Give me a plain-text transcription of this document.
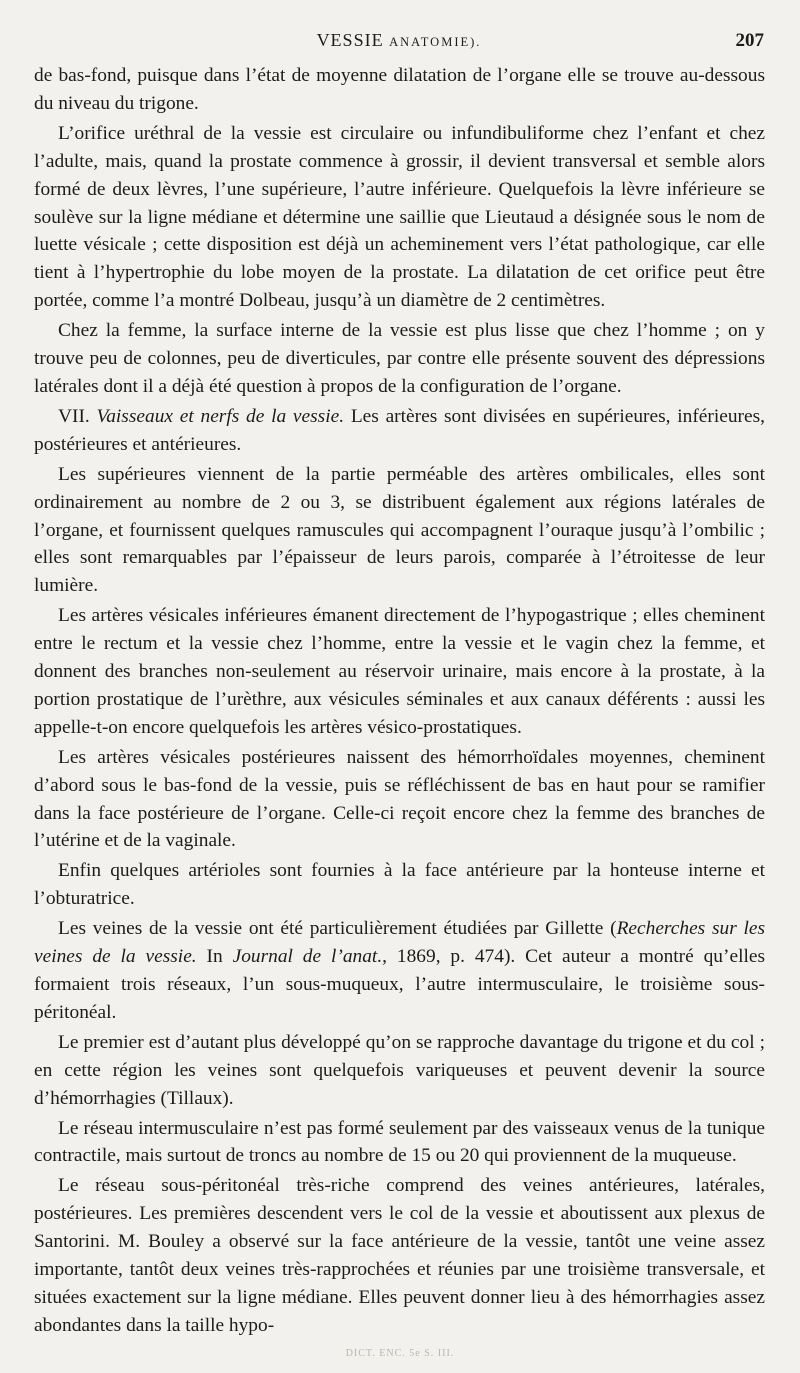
VESSIE ANATOMIE).	207

de bas-fond, puisque dans l’état de moyenne dilatation de l’organe elle se trouve au-dessous du niveau du trigone.

L’orifice uréthral de la vessie est circulaire ou infundibuliforme chez l’enfant et chez l’adulte, mais, quand la prostate commence à grossir, il devient transversal et semble alors formé de deux lèvres, l’une supérieure, l’autre inférieure. Quelquefois la lèvre inférieure se soulève sur la ligne médiane et détermine une saillie que Lieutaud a désignée sous le nom de luette vésicale ; cette disposition est déjà un acheminement vers l’état pathologique, car elle tient à l’hypertrophie du lobe moyen de la prostate. La dilatation de cet orifice peut être portée, comme l’a montré Dolbeau, jusqu’à un diamètre de 2 centimètres.

Chez la femme, la surface interne de la vessie est plus lisse que chez l’homme ; on y trouve peu de colonnes, peu de diverticules, par contre elle présente souvent des dépressions latérales dont il a déjà été question à propos de la configuration de l’organe.

VII. Vaisseaux et nerfs de la vessie. Les artères sont divisées en supérieures, inférieures, postérieures et antérieures.

Les supérieures viennent de la partie perméable des artères ombilicales, elles sont ordinairement au nombre de 2 ou 3, se distribuent également aux régions latérales de l’organe, et fournissent quelques ramuscules qui accompagnent l’ouraque jusqu’à l’ombilic ; elles sont remarquables par l’épaisseur de leurs parois, comparée à l’étroitesse de leur lumière.

Les artères vésicales inférieures émanent directement de l’hypogastrique ; elles cheminent entre le rectum et la vessie chez l’homme, entre la vessie et le vagin chez la femme, et donnent des branches non-seulement au réservoir urinaire, mais encore à la prostate, à la portion prostatique de l’urèthre, aux vésicules séminales et aux canaux déférents : aussi les appelle-t-on encore quelquefois les artères vésico-prostatiques.

Les artères vésicales postérieures naissent des hémorrhoïdales moyennes, cheminent d’abord sous le bas-fond de la vessie, puis se réfléchissent de bas en haut pour se ramifier dans la face postérieure de l’organe. Celle-ci reçoit encore chez la femme des branches de l’utérine et de la vaginale.

Enfin quelques artérioles sont fournies à la face antérieure par la honteuse interne et l’obturatrice.

Les veines de la vessie ont été particulièrement étudiées par Gillette (Recherches sur les veines de la vessie. In Journal de l’anat., 1869, p. 474). Cet auteur a montré qu’elles formaient trois réseaux, l’un sous-muqueux, l’autre intermusculaire, le troisième sous-péritonéal.

Le premier est d’autant plus développé qu’on se rapproche davantage du trigone et du col ; en cette région les veines sont quelquefois variqueuses et peuvent devenir la source d’hémorrhagies (Tillaux).

Le réseau intermusculaire n’est pas formé seulement par des vaisseaux venus de la tunique contractile, mais surtout de troncs au nombre de 15 ou 20 qui proviennent de la muqueuse.

Le réseau sous-péritonéal très-riche comprend des veines antérieures, latérales, postérieures. Les premières descendent vers le col de la vessie et aboutissent aux plexus de Santorini. M. Bouley a observé sur la face antérieure de la vessie, tantôt une veine assez importante, tantôt deux veines très-rapprochées et réunies par une troisième transversale, et situées exactement sur la ligne médiane. Elles peuvent donner lieu à des hémorrhagies assez abondantes dans la taille hypo-

DICT. ENC. 5e S. III.
